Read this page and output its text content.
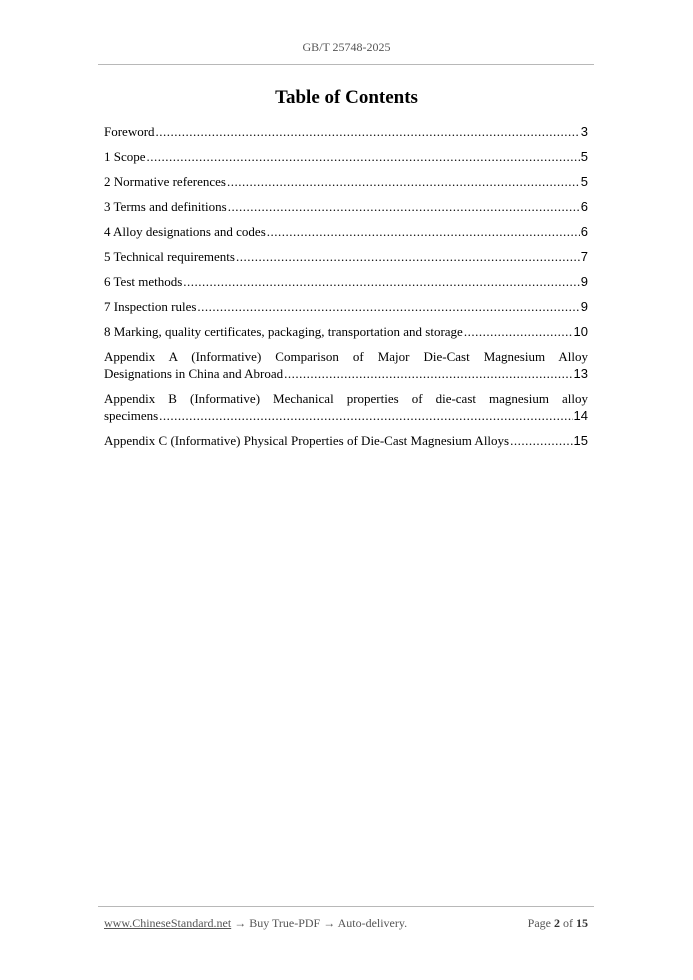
GB/T 25748-2025
Table of Contents
Foreword .....	3
1 Scope .....	5
2 Normative references .....	5
3 Terms and definitions .....	6
4 Alloy designations and codes .....	6
5 Technical requirements .....	7
6 Test methods .....	9
7 Inspection rules .....	9
8 Marking, quality certificates, packaging, transportation and storage .....	10
Appendix A (Informative) Comparison of Major Die-Cast Magnesium Alloy
Designations in China and Abroad .....	13
Appendix B (Informative) Mechanical properties of die-cast magnesium alloy
specimens .....	14
Appendix C (Informative) Physical Properties of Die-Cast Magnesium Alloys .....	15
www.ChineseStandard.net → Buy True-PDF → Auto-delivery.	Page 2 of 15
